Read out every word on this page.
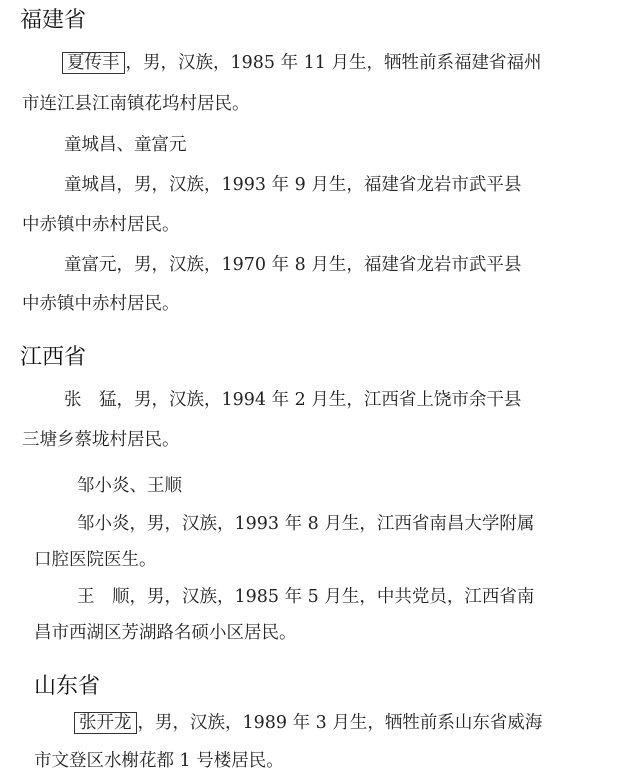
福建省
夏传丰 ，男，汉族，1985 年 11 月生，牺牲前系福建省福州
市连江县江南镇花坞村居民。
童城昌、童富元
童城昌，男，汉族，1993 年 9 月生，福建省龙岩市武平县
中赤镇中赤村居民。
童富元，男，汉族，1970 年 8 月生，福建省龙岩市武平县
中赤镇中赤村居民。
江西省
张　猛，男，汉族，1994 年 2 月生，江西省上饶市余干县
三塘乡蔡垅村居民。
邹小炎、王顺
邹小炎，男，汉族，1993 年 8 月生，江西省南昌大学附属
口腔医院医生。
王　顺，男，汉族，1985 年 5 月生，中共党员，江西省南
昌市西湖区芳湖路名硕小区居民。
山东省
张开龙 ，男，汉族，1989 年 3 月生，牺牲前系山东省威海
市文登区水榭花都 1 号楼居民。
